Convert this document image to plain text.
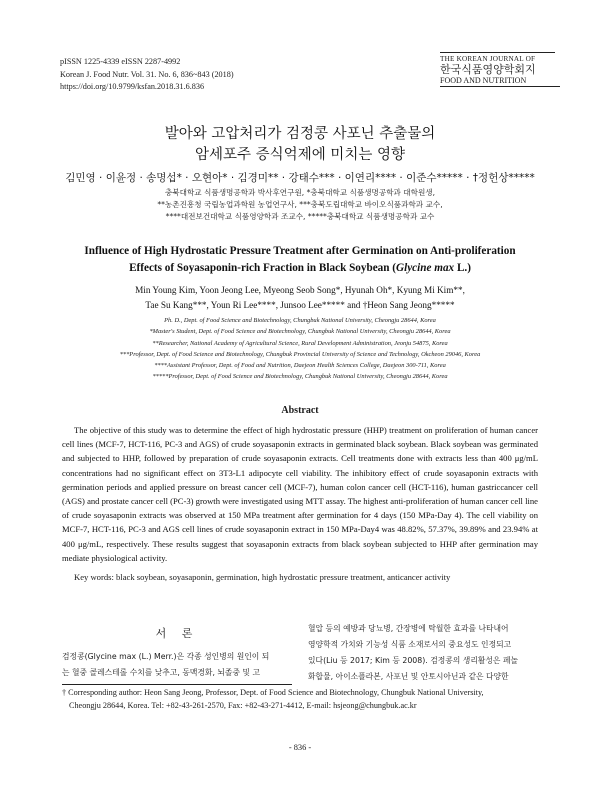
pISSN 1225-4339 eISSN 2287-4992
Korean J. Food Nutr. Vol. 31. No. 6, 836~843 (2018)
https://doi.org/10.9799/ksfan.2018.31.6.836
THE KOREAN JOURNAL OF
한국식품영양학회지
FOOD AND NUTRITION
발아와 고압처리가 검정콩 사포닌 추출물의
암세포주 증식억제에 미치는 영향
김민영 · 이윤정 · 송명섭* · 오현아* · 김경미** · 강태수*** · 이연리**** · 이준수***** · †정헌상*****
충북대학교 식품생명공학과 박사후연구원, *충북대학교 식품생명공학과 대학원생,
**농촌진흥청 국립농업과학원 농업연구사, ***충북도립대학교 바이오식품과학과 교수,
****대전보건대학교 식품영양학과 조교수, *****충북대학교 식품생명공학과 교수
Influence of High Hydrostatic Pressure Treatment after Germination on Anti-proliferation
Effects of Soyasaponin-rich Fraction in Black Soybean (Glycine max L.)
Min Young Kim, Yoon Jeong Lee, Myeong Seob Song*, Hyunah Oh*, Kyung Mi Kim**,
Tae Su Kang***, Youn Ri Lee****, Junsoo Lee***** and †Heon Sang Jeong*****
Ph. D., Dept. of Food Science and Biotechnology, Chungbuk National University, Cheongju 28644, Korea
*Master's Student, Dept. of Food Science and Biotechnology, Chungbuk National University, Cheongju 28644, Korea
**Researcher, National Academy of Agricultural Science, Rural Development Administration, Jeonju 54875, Korea
***Professor, Dept. of Food Science and Biotechnology, Chungbuk Provincial University of Science and Technology, Okcheon 29046, Korea
****Assistant Professor, Dept. of Food and Nutrition, Daejeon Health Sciences College, Daejeon 300-711, Korea
*****Professor, Dept. of Food Science and Biotechnology, Chungbuk National University, Cheongju 28644, Korea
Abstract

The objective of this study was to determine the effect of high hydrostatic pressure (HHP) treatment on proliferation of human cancer cell lines (MCF-7, HCT-116, PC-3 and AGS) of crude soyasaponin extracts in germinated black soybean. Black soybean was germinated and subjected to HHP, followed by preparation of crude soyasaponin extracts. Cell treatments done with extracts less than 400 μg/mL concentrations had no significant effect on 3T3-L1 adipocyte cell viability. The inhibitory effect of crude soyasaponin extracts with germination periods and applied pressure on breast cancer cell (MCF-7), human colon cancer cell (HCT-116), human gastriccancer cell (AGS) and prostate cancer cell (PC-3) growth were investigated using MTT assay. The highest anti-proliferation of human cancer cell line of crude soyasaponin extracts was observed at 150 MPa treatment after germination for 4 days (150 MPa-Day 4). The cell viability on MCF-7, HCT-116, PC-3 and AGS cell lines of crude soyasaponin extract in 150 MPa-Day4 was 48.82%, 57.37%, 39.89% and 23.94% at 400 μg/mL, respectively. These results suggest that soyasaponin extracts from black soybean subjected to HHP after germination may mediate physiological activity.

Key words: black soybean, soyasaponin, germination, high hydrostatic pressure treatment, anticancer activity
서 론

검정콩(Glycine max (L.) Merr.)은 각종 성인병의 원인이 되

는 혈중 콜레스테롤 수치를 낮추고, 동맥경화, 뇌졸중 및 고

혈압 등의 예방과 당뇨병, 간장병에 탁월한 효과를 나타내어

영양학적 가치와 기능성 식품 소재로서의 중요성도 인정되고

있다(Liu 등 2017; Kim 등 2008). 검정콩의 생리활성은 페놀

화합물, 아이소플라본, 사포닌 및 안토시아닌과 같은 다양한

† Corresponding author: Heon Sang Jeong, Professor, Dept. of Food Science and Biotechnology, Chungbuk National University,
Cheongju 28644, Korea. Tel: +82-43-261-2570, Fax: +82-43-271-4412, E-mail: hsjeong@chungbuk.ac.kr
- 836 -
